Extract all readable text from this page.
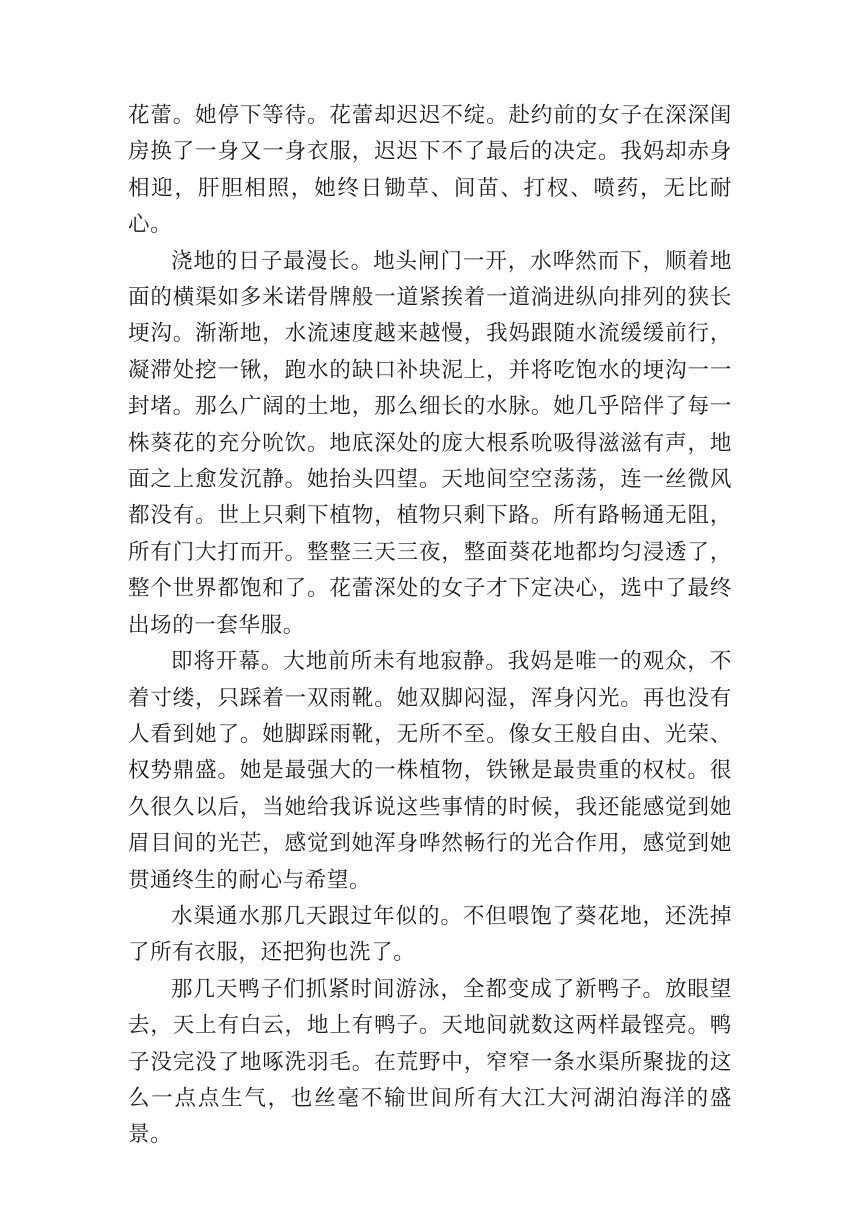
花蕾。她停下等待。花蕾却迟迟不绽。赴约前的女子在深深闺房换了一身又一身衣服，迟迟下不了最后的决定。我妈却赤身相迎，肝胆相照，她终日锄草、间苗、打杈、喷药，无比耐心。

浇地的日子最漫长。地头闸门一开，水哗然而下，顺着地面的横渠如多米诺骨牌般一道紧挨着一道淌进纵向排列的狭长埂沟。渐渐地，水流速度越来越慢，我妈跟随水流缓缓前行，凝滞处挖一锹，跑水的缺口补块泥上，并将吃饱水的埂沟一一封堵。那么广阔的土地，那么细长的水脉。她几乎陪伴了每一株葵花的充分吮饮。地底深处的庞大根系吮吸得滋滋有声，地面之上愈发沉静。她抬头四望。天地间空空荡荡，连一丝微风都没有。世上只剩下植物，植物只剩下路。所有路畅通无阻，所有门大打而开。整整三天三夜，整面葵花地都均匀浸透了，整个世界都饱和了。花蕾深处的女子才下定决心，选中了最终出场的一套华服。

即将开幕。大地前所未有地寂静。我妈是唯一的观众，不着寸缕，只踩着一双雨靴。她双脚闷湿，浑身闪光。再也没有人看到她了。她脚踩雨靴，无所不至。像女王般自由、光荣、权势鼎盛。她是最强大的一株植物，铁锹是最贵重的权杖。很久很久以后，当她给我诉说这些事情的时候，我还能感觉到她眉目间的光芒，感觉到她浑身哗然畅行的光合作用，感觉到她贯通终生的耐心与希望。

水渠通水那几天跟过年似的。不但喂饱了葵花地，还洗掉了所有衣服，还把狗也洗了。

那几天鸭子们抓紧时间游泳，全都变成了新鸭子。放眼望去，天上有白云，地上有鸭子。天地间就数这两样最铿亮。鸭子没完没了地啄洗羽毛。在荒野中，窄窄一条水渠所聚拢的这么一点点生气，也丝毫不输世间所有大江大河湖泊海洋的盛景。
